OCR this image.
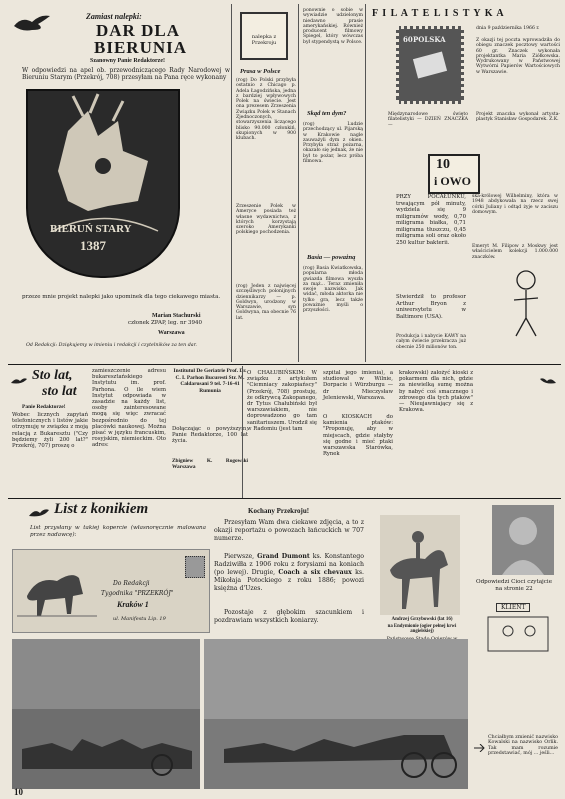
Zamiast nalepki:
DAR DLA
BIERUNIA
Szanowny Panie Redaktorze!
W odpowiedzi na apel ob. przewodniczącego Rady Narodowej w Bieruniu Starym (Przekrój, 708) przesyłam na Pana ręce wykonany
BIERUŃ STARY
1387
przeze mnie projekt nalepki jako upominek dla tego ciekawego miasta.
Marian Stachurski
członek ZPAP, leg. nr 3940
Warszawa
Od Redakcji: Dziękujemy w imieniu i redakcji i czytelników za ten dar.
nalepka z Przekroju
Prasa w Polsce
(rog) Do Polski przybyła ostatnio z Chicago p. Adela Łagodzińska, jedna z bardziej wpływowych Polek na świecie. Jest ona prezesem Zrzeszenia Związku Polek w Stanach Zjednoczonych, stowarzyszenia liczącego blisko 90.000 członkiń, skupionych w 900 klubach.
Zrzeszenie Polek w Ameryce posiada też własne wydawnictwa, z których korzystają szeroko Amerykanki polskiego pochodzenia.
(rog) Jeden z najwięcej szczęśliwych polonijnych dziennikarzy — p. Goldwyn, urodzony w Warszawie, syn Goldwyna, ma obecnie 76 lat.
ponownie o sobie w wywiadzie udzielonym niedawno prasie amerykańskiej. Również producent filmowy Spiegel, który wówczas był stypendystą w Polsce.
Skąd ten dym?
(rog) Ludzie przechodzący ul. Pijarską w Krakowie nagle zauważyli dym z okien. Przybyła straż pożarna, okazało się jednak, że nie był to pożar, lecz próba filmowa.
Basia — poważną
(rog) Basia Kwiatkowska, popularna młoda gwiazda filmowa wyszła za mąż... Teraz zmieniła swoje nazwisko. Jak widać, młoda aktorka nie tylko gra, lecz także poważnie myśli o przyszłości.
F I L A T E L I S T Y K A
POLSKA
60
Międzynarodowe święto filatelistyki — DZIEŃ ZNACZKA —
dnia 9 października 1966 r.
Z okazji tej poczta wprowadziła do obiegu znaczek pocztowy wartości 60 gr. Znaczek wykonała projektantka Maria Ziółkowska. Wydrukowany w Państwowej Wytwórni Papierów Wartościowych w Warszawie.
Projekt znaczka wykonał artysta-plastyk Stanisław Gospodarek. Z.K.
10
i OWO
PRZY POCAŁUNKU, trwającym pół minuty, wydziela się 9 miligramów wody, 0,70 miligrama białka, 0,71 miligrama tłuszczu, 0,45 miligrama soli oraz około 250 kultur bakterii.
Stwierdził to profesor Arthur Bryon z uniwersytetu w Baltimore (USA).
Produkcja i nabycie KAWY na całym świecie przekracza już obecnie 250 milionów ton.
ska-królowej Wilhelminy, która w 1948 abdykowała na rzecz swej córki Juliany i odtąd żyje w zaciszu domowym.
Emeryt M. Filipow z Moskwy jest właścicielem kolekcji 1.000.000 znaczków.
Sto lat,
sto lat
Panie Redaktorze!
Wobec licznych zapytań telefonicznych i listów jakie otrzymuję w związku z moją relacją z Bukaresztu ("Czy będziemy żyli 200 lat?" Przekrój, 707) proszę o
zamieszczenie adresu bukaresztańskiego Instytutu im. prof. Parhona. O ile wiem Instytut odpowiada w zasadzie na każdy list, osoby zainteresowane mogą się więc zwracać bezpośrednio do tej placówki naukowej. Można pisać w języku francuskim, rosyjskim, niemieckim. Oto adres:
Institutul De Geriatrie Prof. Dr. C. I. Parhon Bucuresti Str. M. Caldarusani 9 tel. 7-16-41 Rumunia
Dołączając o powyższym, Panie Redaktorze, 100 lat życia.
Zbigniew K. Rogowski Warszawa
O CHAŁUBIŃSKIM: W związku z artykułem "Ciemniacy zakopiańscy" (Przekrój, 708) prostuję, że odkrywcą Zakopanego, dr Tytus Chałubiński był warszawiakiem, nie doprowadzono go tam sanitariuszem. Urodził się w Radomiu (jest tam
szpital jego imienia), a studiował w Wilnie, Dorpacie i Würzburgu — dr Mieczysław Jeleniewski, Warszawa.
O KIOSKACH do kamienia ptaków: "Proponuję, aby w miejscach, gdzie stałyby się godne i mieć ptaki warszawska Starówka, Rynek
krakowski) założyć kioski z pokarmem dla nich, gdzie za niewielką sumę można by nabyć coś smacznego i zdrowego dla tych ptaków" — Nieujawniający się z Krakowa.
List z konikiem
List przysłany w takiej kopercie (własnoręcznie malowana przez nadawcę):
Do Redakcji
Tygodnika "PRZEKRÓJ"
Kraków 1
ul. Manifestu Lip. 19
Kochany Przekroju!
Przesyłam Wam dwa ciekawe zdjęcia, a to z okazji reportażu o powozach łańcuckich w 707 numerze.
Pierwsze, Grand Dumont ks. Konstantego Radziwiłła z 1906 roku z forysiami na koniach (po lewej). Drugie, Coach a six chevaux ks. Mikołaja Potockiego z roku 1886; powozi księżna d'Uzes.
Pozostaje z głębokim szacunkiem i pozdrawiam wszystkich koniarzy.	Andrzej Grzybowski (lat 16)
na Endymionie (ogier pełnej krwi angielskiej)
Odpowiedzi Cioci czytajcie na stronie 22
KLIENT
Chciałbym zmienić nazwisko Kowalski na nazwisko Orlik. Tak mam rozumie przedstawiać, mój ... jeśli...
10
